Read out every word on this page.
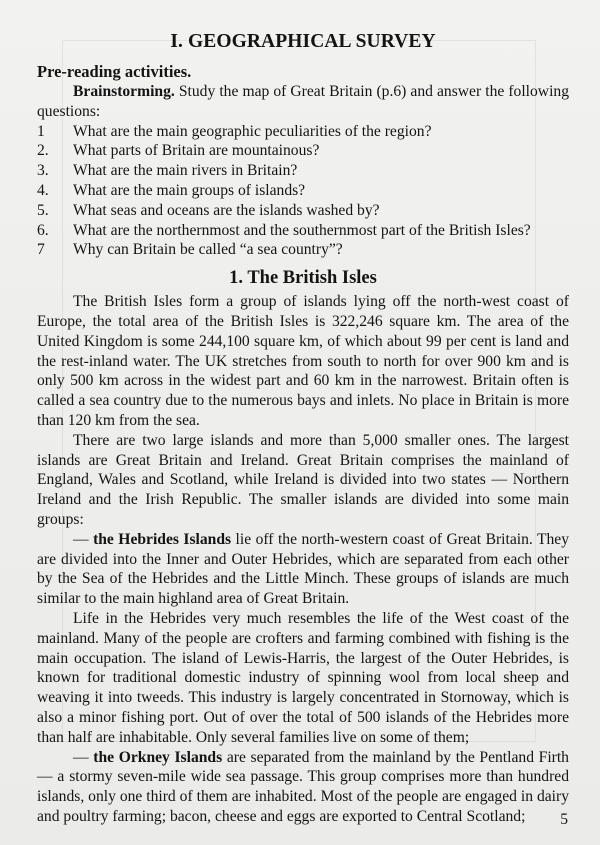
I. GEOGRAPHICAL SURVEY
Pre-reading activities.

Brainstorming. Study the map of Great Britain (p.6) and answer the following questions:

1	What are the main geographic peculiarities of the region?
2.	What parts of Britain are mountainous?
3.	What are the main rivers in Britain?
4.	What are the main groups of islands?
5.	What seas and oceans are the islands washed by?
6.	What are the northernmost and the southernmost part of the British Isles?
7	Why can Britain be called “a sea country”?
1. The British Isles

The British Isles form a group of islands lying off the north-west coast of Europe, the total area of the British Isles is 322,246 square km. The area of the United Kingdom is some 244,100 square km, of which about 99 per cent is land and the rest-inland water. The UK stretches from south to north for over 900 km and is only 500 km across in the widest part and 60 km in the narrowest. Britain often is called a sea country due to the numerous bays and inlets. No place in Britain is more than 120 km from the sea.

There are two large islands and more than 5,000 smaller ones. The largest islands are Great Britain and Ireland. Great Britain comprises the mainland of England, Wales and Scotland, while Ireland is divided into two states — Northern Ireland and the Irish Republic. The smaller islands are divided into some main groups:

— the Hebrides Islands lie off the north-western coast of Great Britain. They are divided into the Inner and Outer Hebrides, which are separated from each other by the Sea of the Hebrides and the Little Minch. These groups of islands are much similar to the main highland area of Great Britain.

Life in the Hebrides very much resembles the life of the West coast of the mainland. Many of the people are crofters and farming combined with fishing is the main occupation. The island of Lewis-Harris, the largest of the Outer Hebrides, is known for traditional domestic industry of spinning wool from local sheep and weaving it into tweeds. This industry is largely concentrated in Stornoway, which is also a minor fishing port. Out of over the total of 500 islands of the Hebrides more than half are inhabitable. Only several families live on some of them;

— the Orkney Islands are separated from the mainland by the Pentland Firth — a stormy seven-mile wide sea passage. This group comprises more than hundred islands, only one third of them are inhabited. Most of the people are engaged in dairy and poultry farming; bacon, cheese and eggs are exported to Central Scotland;	5
